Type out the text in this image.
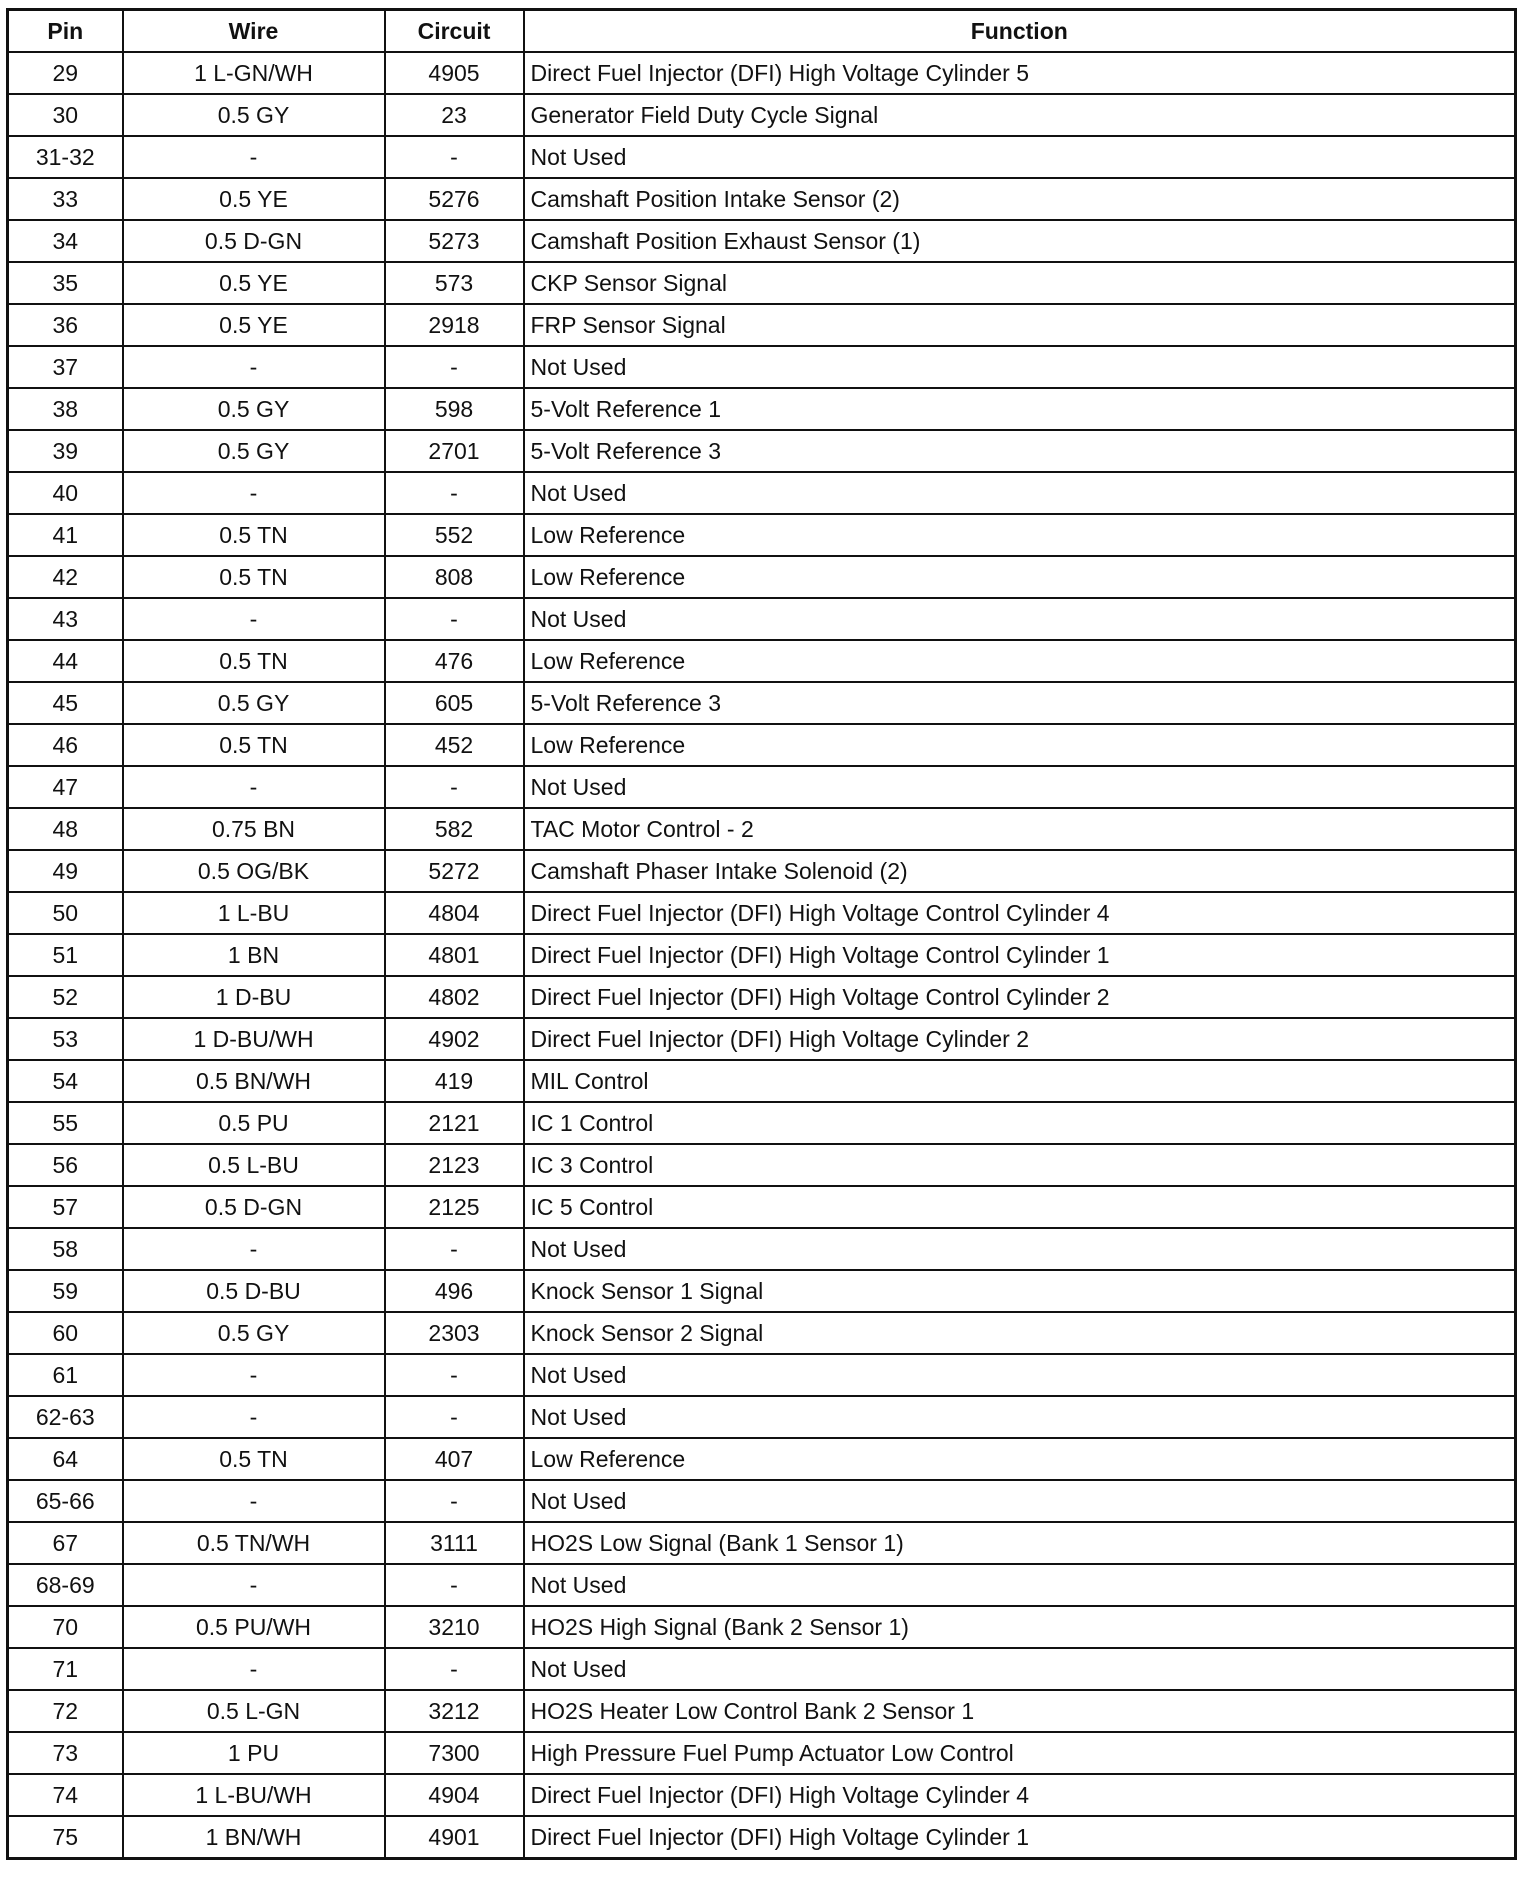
Pin	Wire	Circuit	Function
29	1 L-GN/WH	4905	Direct Fuel Injector (DFI) High Voltage Cylinder 5
30	0.5 GY	23	Generator Field Duty Cycle Signal
31-32	-	-	Not Used
33	0.5 YE	5276	Camshaft Position Intake Sensor (2)
34	0.5 D-GN	5273	Camshaft Position Exhaust Sensor (1)
35	0.5 YE	573	CKP Sensor Signal
36	0.5 YE	2918	FRP Sensor Signal
37	-	-	Not Used
38	0.5 GY	598	5-Volt Reference 1
39	0.5 GY	2701	5-Volt Reference 3
40	-	-	Not Used
41	0.5 TN	552	Low Reference
42	0.5 TN	808	Low Reference
43	-	-	Not Used
44	0.5 TN	476	Low Reference
45	0.5 GY	605	5-Volt Reference 3
46	0.5 TN	452	Low Reference
47	-	-	Not Used
48	0.75 BN	582	TAC Motor Control - 2
49	0.5 OG/BK	5272	Camshaft Phaser Intake Solenoid (2)
50	1 L-BU	4804	Direct Fuel Injector (DFI) High Voltage Control Cylinder 4
51	1 BN	4801	Direct Fuel Injector (DFI) High Voltage Control Cylinder 1
52	1 D-BU	4802	Direct Fuel Injector (DFI) High Voltage Control Cylinder 2
53	1 D-BU/WH	4902	Direct Fuel Injector (DFI) High Voltage Cylinder 2
54	0.5 BN/WH	419	MIL Control
55	0.5 PU	2121	IC 1 Control
56	0.5 L-BU	2123	IC 3 Control
57	0.5 D-GN	2125	IC 5 Control
58	-	-	Not Used
59	0.5 D-BU	496	Knock Sensor 1 Signal
60	0.5 GY	2303	Knock Sensor 2 Signal
61	-	-	Not Used
62-63	-	-	Not Used
64	0.5 TN	407	Low Reference
65-66	-	-	Not Used
67	0.5 TN/WH	3111	HO2S Low Signal (Bank 1 Sensor 1)
68-69	-	-	Not Used
70	0.5 PU/WH	3210	HO2S High Signal (Bank 2 Sensor 1)
71	-	-	Not Used
72	0.5 L-GN	3212	HO2S Heater Low Control Bank 2 Sensor 1
73	1 PU	7300	High Pressure Fuel Pump Actuator Low Control
74	1 L-BU/WH	4904	Direct Fuel Injector (DFI) High Voltage Cylinder 4
75	1 BN/WH	4901	Direct Fuel Injector (DFI) High Voltage Cylinder 1
